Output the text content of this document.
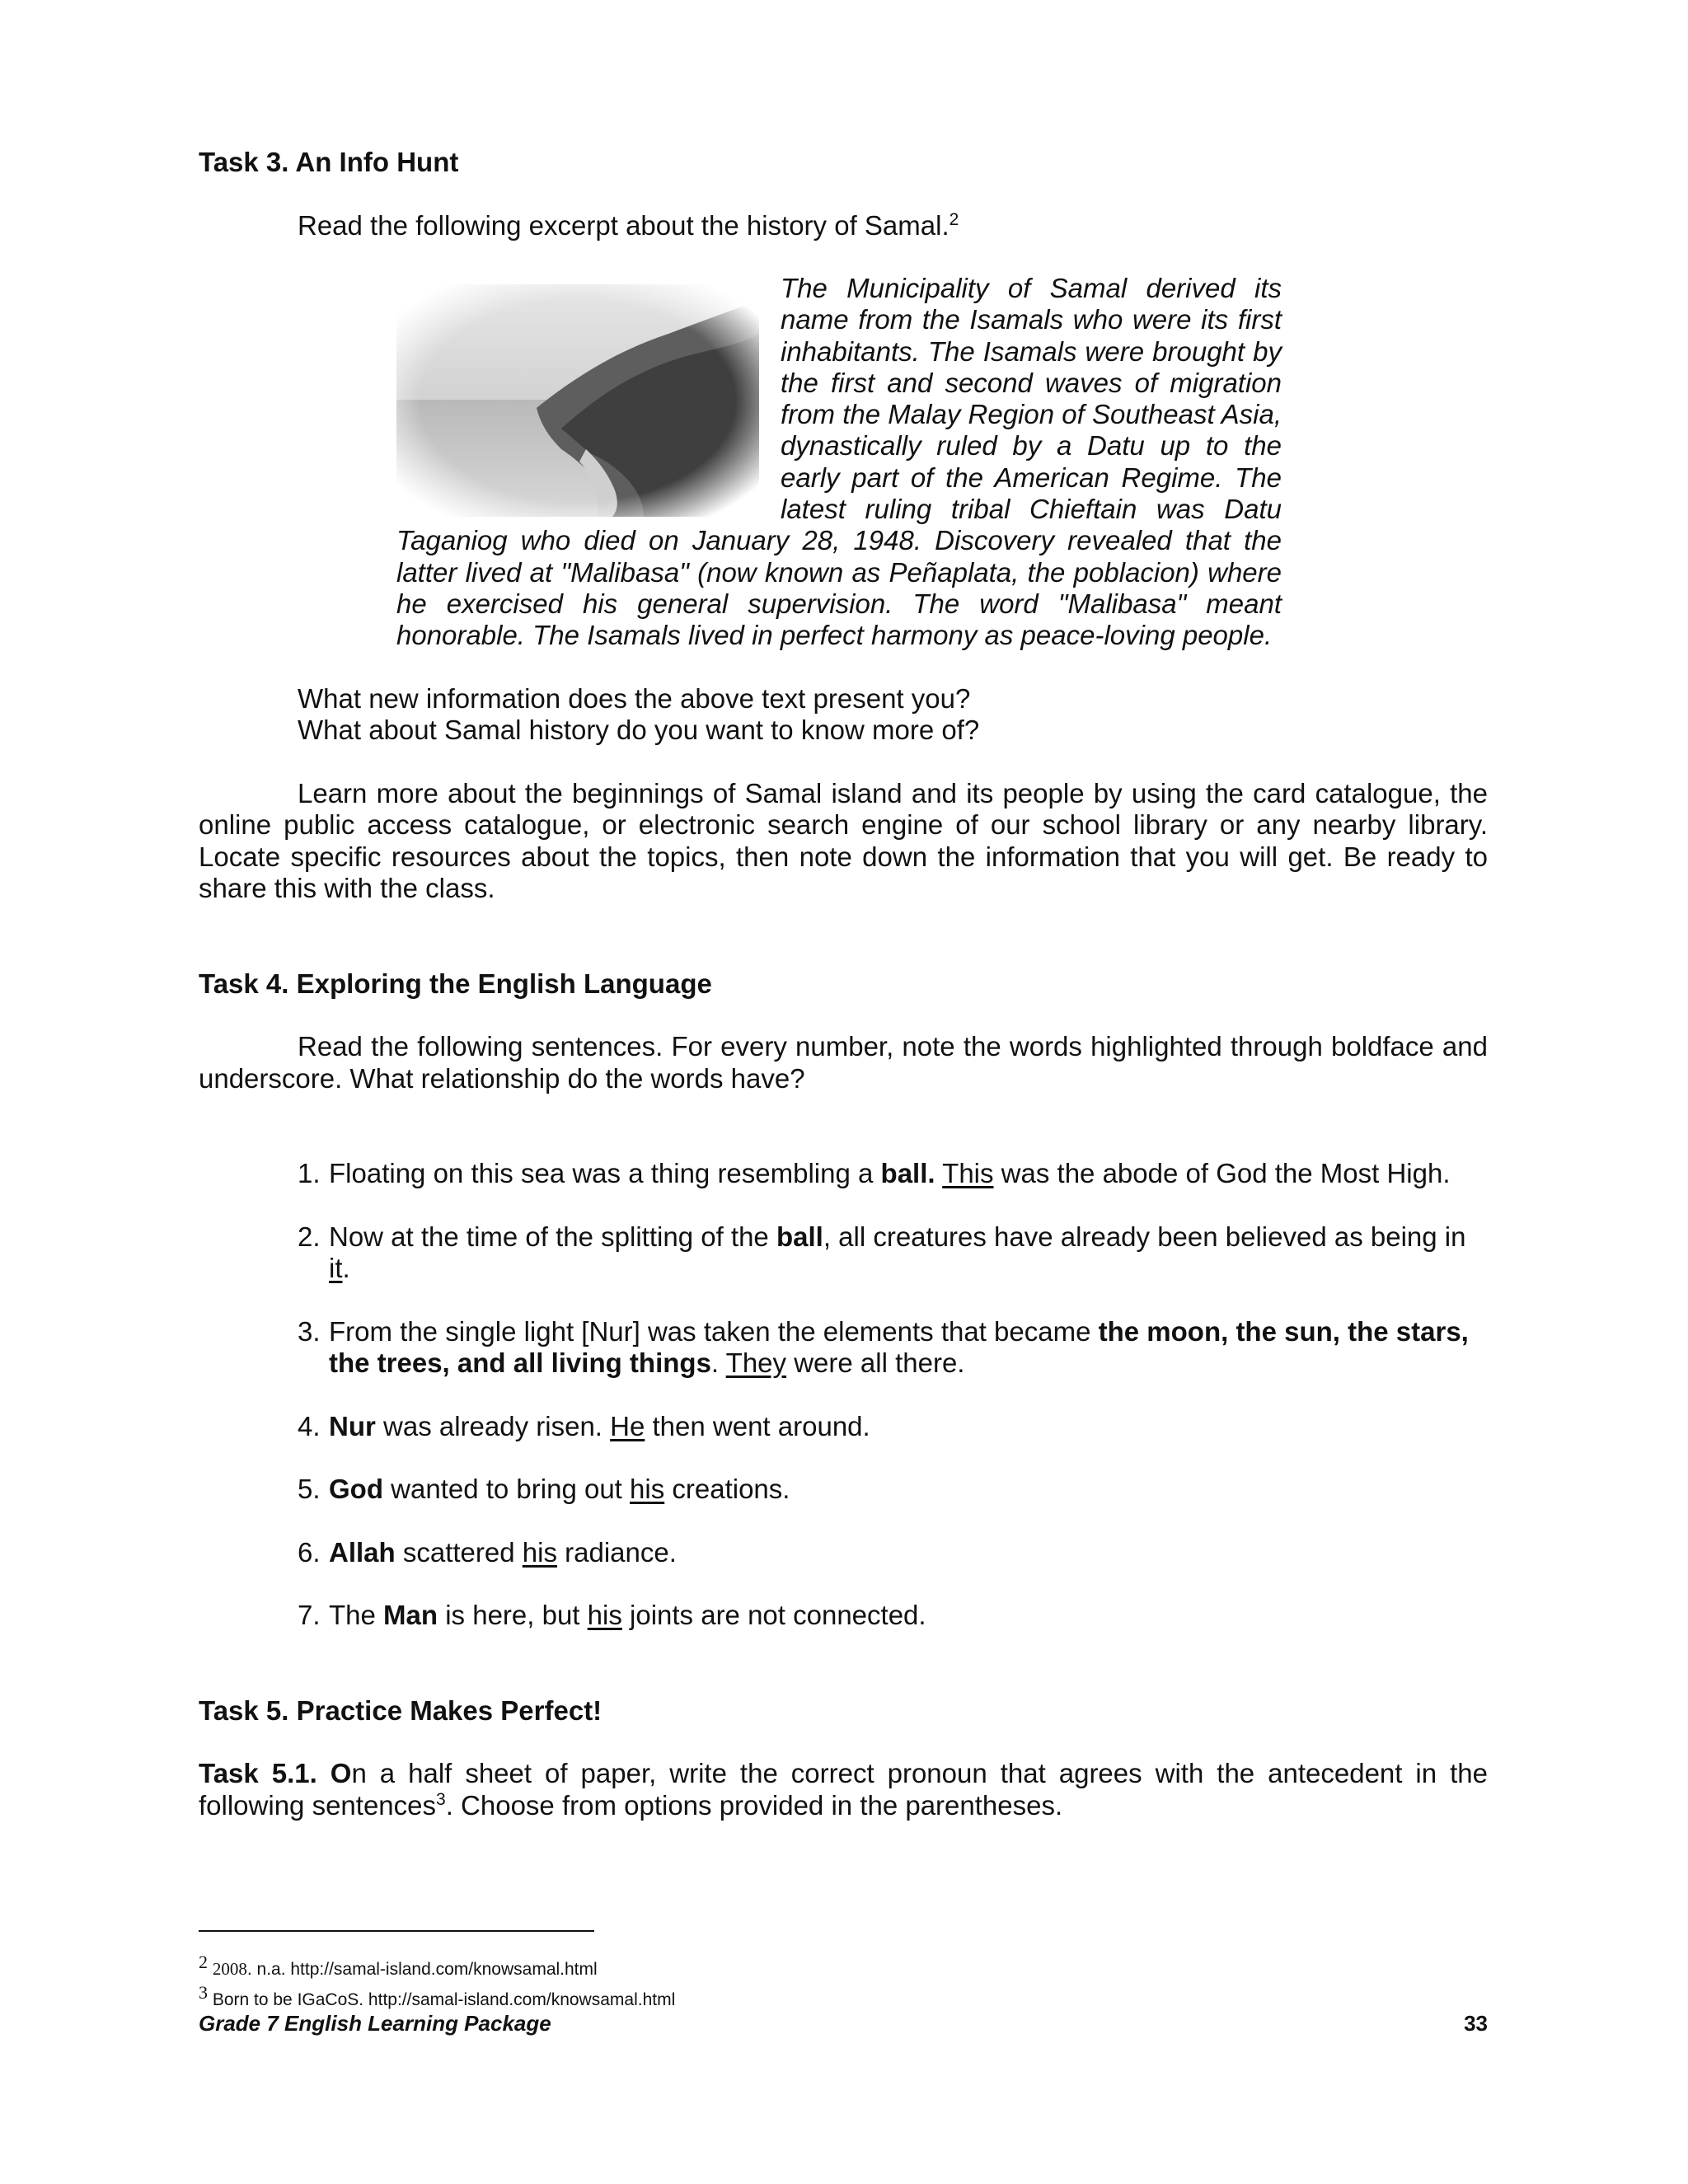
Task 3. An Info Hunt

Read the following excerpt about the history of Samal.$^2$

The Municipality of Samal derived its name from the Isamals who were its first inhabitants. The Isamals were brought by the first and second waves of migration from the Malay Region of Southeast Asia, dynastically ruled by a Datu up to the early part of the American Regime. The latest ruling tribal Chieftain was Datu Taganiog who died on January 28, 1948. Discovery revealed that the latter lived at "Malibasa" (now known as Peñaplata, the poblacion) where he exercised his general supervision. The word "Malibasa" meant honorable. The Isamals lived in perfect harmony as peace-loving people.

What new information does the above text present you?

What about Samal history do you want to know more of?

Learn more about the beginnings of Samal island and its people by using the card catalogue, the online public access catalogue, or electronic search engine of our school library or any nearby library. Locate specific resources about the topics, then note down the information that you will get. Be ready to share this with the class.

Task 4. Exploring the English Language

Read the following sentences. For every number, note the words highlighted through boldface and underscore. What relationship do the words have?

1. Floating on this sea was a thing resembling a ball. This was the abode of God the Most High.
2. Now at the time of the splitting of the ball, all creatures have already been believed as being in it.
3. From the single light [Nur] was taken the elements that became the moon, the sun, the stars, the trees, and all living things. They were all there.
4. Nur was already risen. He then went around.
5. God wanted to bring out his creations.
6. Allah scattered his radiance.
7. The Man is here, but his joints are not connected.

Task 5. Practice Makes Perfect!

Task 5.1. On a half sheet of paper, write the correct pronoun that agrees with the antecedent in the following sentences$^3$. Choose from options provided in the parentheses.

2 2008. n.a. http://samal-island.com/knowsamal.html
3 Born to be IGaCoS. http://samal-island.com/knowsamal.html
Grade 7 English Learning Package	33
